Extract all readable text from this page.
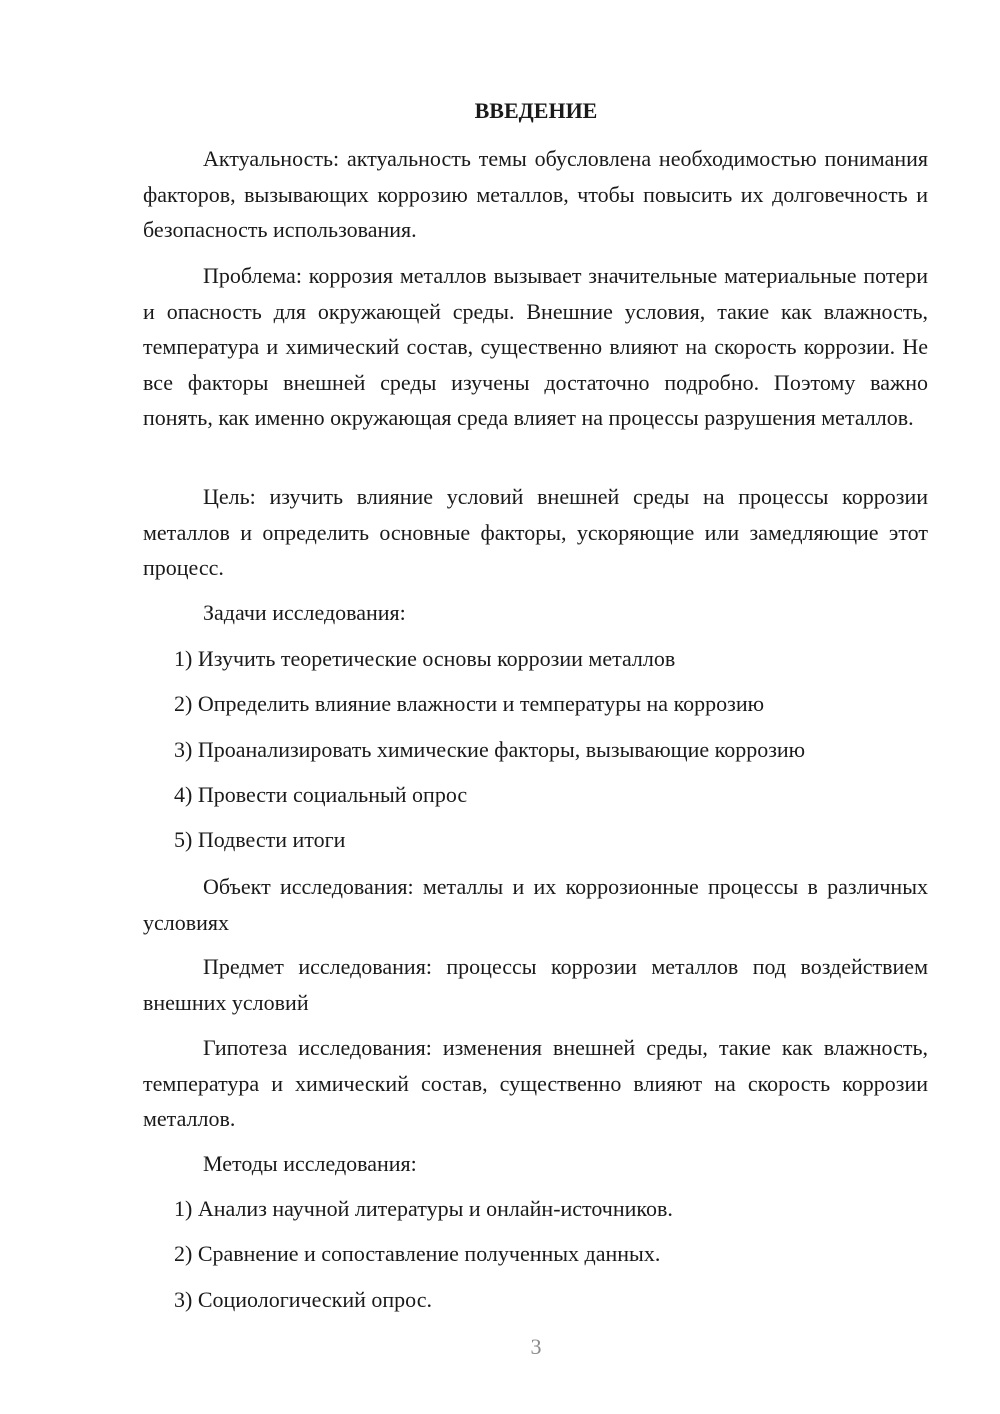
ВВЕДЕНИЕ

Актуальность: актуальность темы обусловлена необходимостью понимания факторов, вызывающих коррозию металлов, чтобы повысить их долговечность и безопасность использования.

Проблема: коррозия металлов вызывает значительные материальные потери и опасность для окружающей среды. Внешние условия, такие как влажность, температура и химический состав, существенно влияют на скорость коррозии. Не все факторы внешней среды изучены достаточно подробно. Поэтому важно понять, как именно окружающая среда влияет на процессы разрушения металлов.

Цель: изучить влияние условий внешней среды на процессы коррозии металлов и определить основные факторы, ускоряющие или замедляющие этот процесс.

Задачи исследования:

1) Изучить теоретические основы коррозии металлов

2) Определить влияние влажности и температуры на коррозию

3) Проанализировать химические факторы, вызывающие коррозию

4) Провести социальный опрос

5) Подвести итоги

Объект исследования: металлы и их коррозионные процессы в различных условиях

Предмет исследования: процессы коррозии металлов под воздействием внешних условий

Гипотеза исследования: изменения внешней среды, такие как влажность, температура и химический состав, существенно влияют на скорость коррозии металлов.

Методы исследования:

1) Анализ научной литературы и онлайн-источников.

2) Сравнение и сопоставление полученных данных.

3) Социологический опрос.

3
